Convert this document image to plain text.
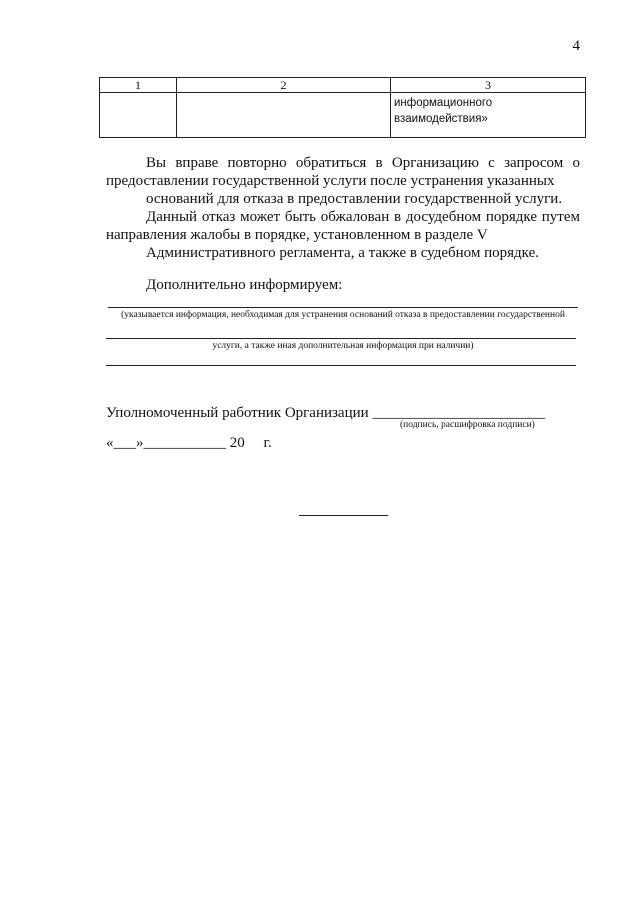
4
1	2	3
		информационного взаимодействия»

Вы вправе повторно обратиться в Организацию с запросом о предоставлении государственной услуги после устранения указанных
оснований для отказа в предоставлении государственной услуги.

Данный отказ может быть обжалован в досудебном порядке путем направления жалобы в порядке, установленном в разделе V
Административного регламента, а также в судебном порядке.

Дополнительно информируем:
(указывается информация, необходимая для устранения оснований отказа в предоставлении государственной
услуги, а также иная дополнительная информация при наличии)
Уполномоченный работник Организации _______________________
(подпись, расшифровка подписи)
«___»___________ 20     г.
